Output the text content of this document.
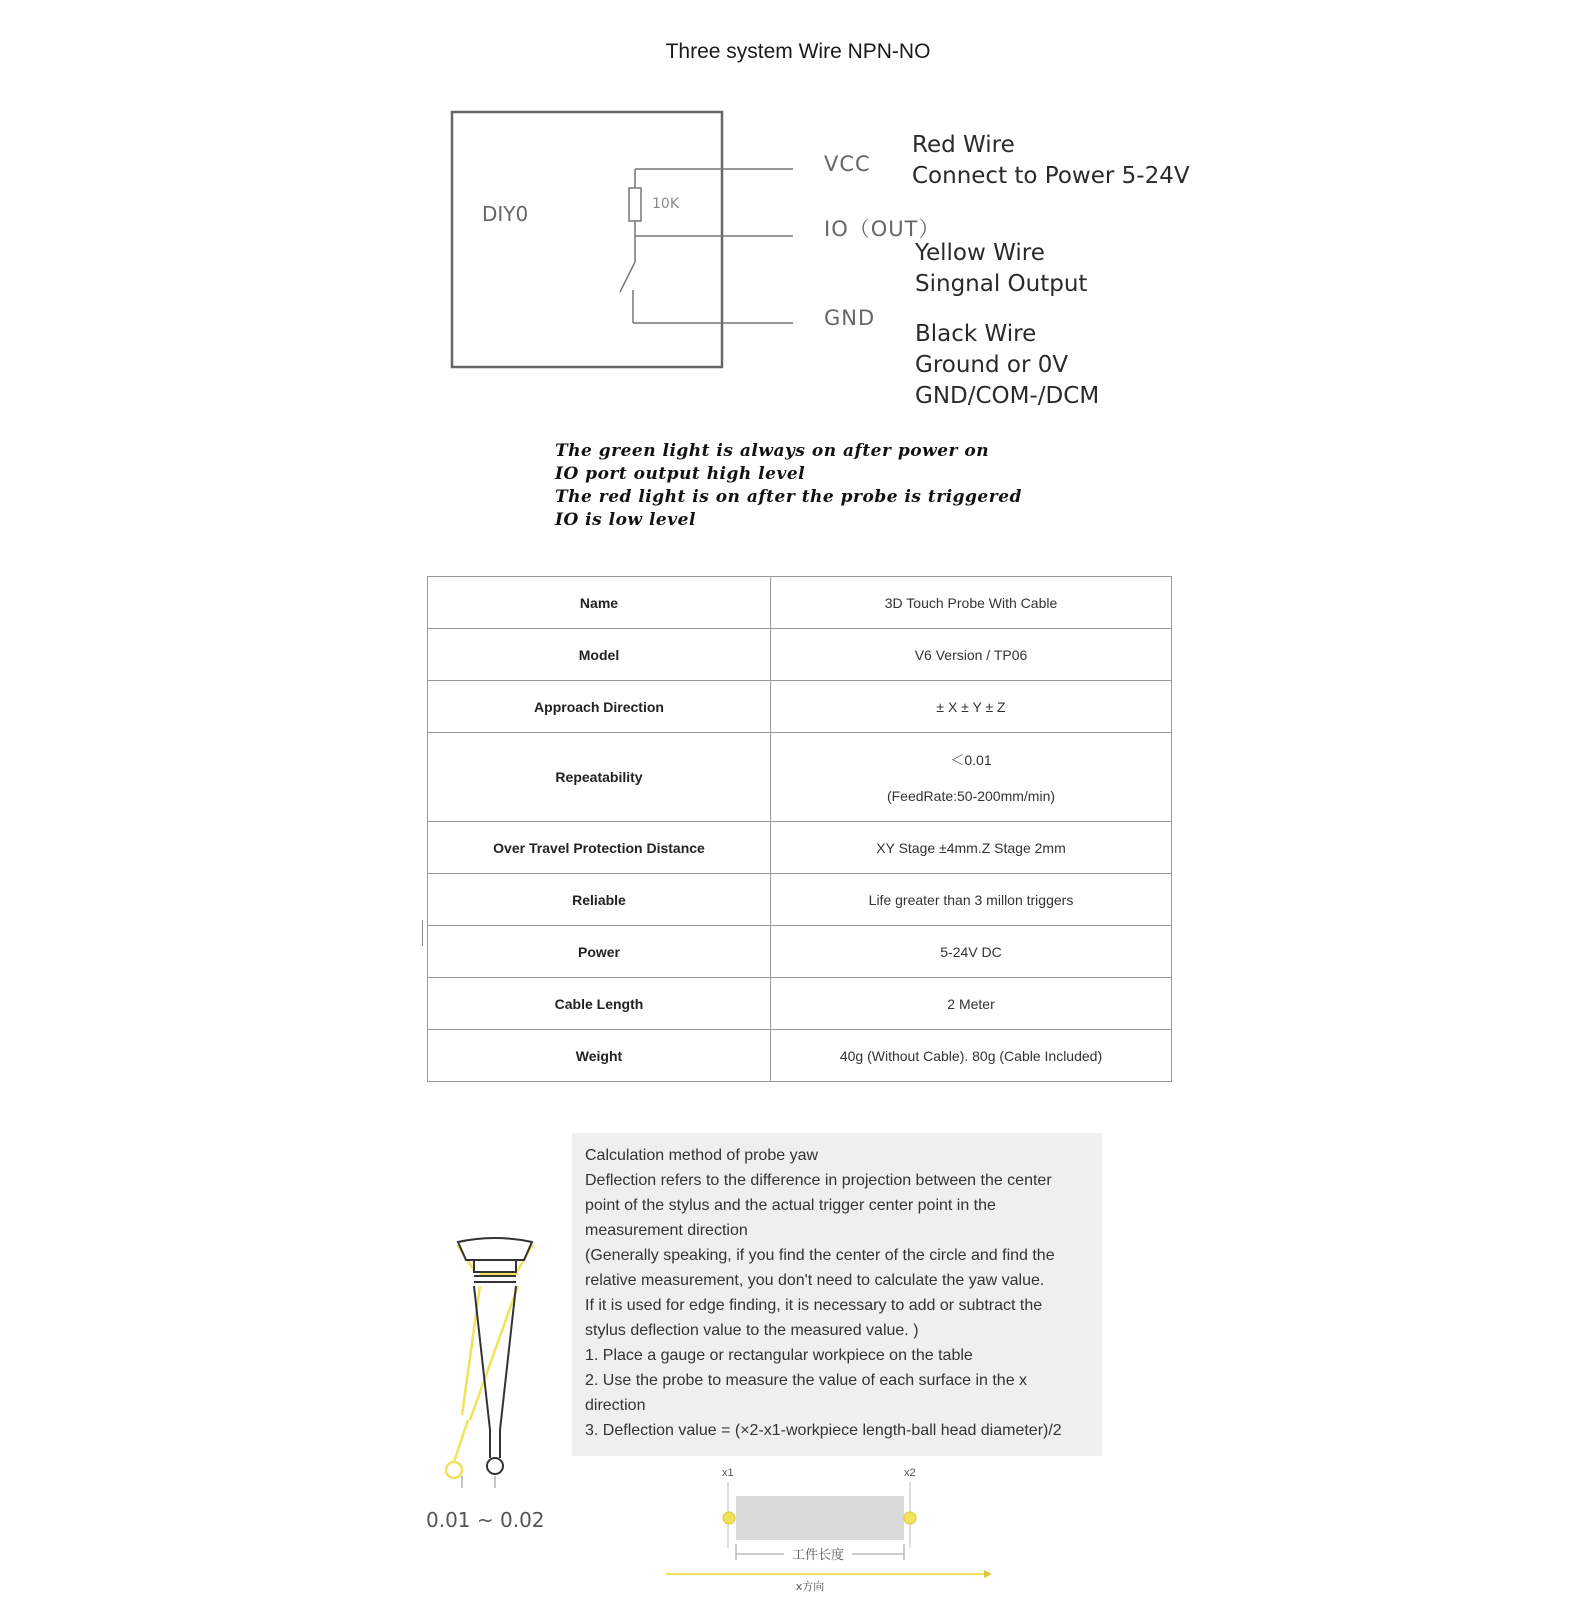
Three system Wire NPN-NO
DIY0	10K
VCC
IO（OUT）
GND
Red Wire
Connect to Power 5-24V
Yellow Wire
Singnal Output
Black Wire
Ground or 0V
GND/COM-/DCM
The green light is always on after power on
IO port output high level
The red light is on after the probe is triggered
IO is low level
Name	3D Touch Probe With Cable
Model	V6 Version / TP06
Approach Direction	± X ± Y ± Z
Repeatability	＜0.01
(FeedRate:50-200mm/min)

Over Travel Protection Distance	XY Stage ±4mm.Z Stage 2mm
Reliable	Life greater than 3 millon triggers
Power	5-24V DC
Cable Length	2 Meter
Weight	40g (Without Cable). 80g (Cable Included)
0.01 ~ 0.02
Calculation method of probe yaw
Deflection refers to the difference in projection between the center
point of the stylus and the actual trigger center point in the
measurement direction
(Generally speaking, if you find the center of the circle and find the
relative measurement, you don't need to calculate the yaw value.
If it is used for edge finding, it is necessary to add or subtract the
stylus deflection value to the measured value. )
1. Place a gauge or rectangular workpiece on the table
2. Use the probe to measure the value of each surface in the x
direction
3. Deflection value = (×2-x1-workpiece length-ball head diameter)/2
x1	x2
工件长度
x方向
